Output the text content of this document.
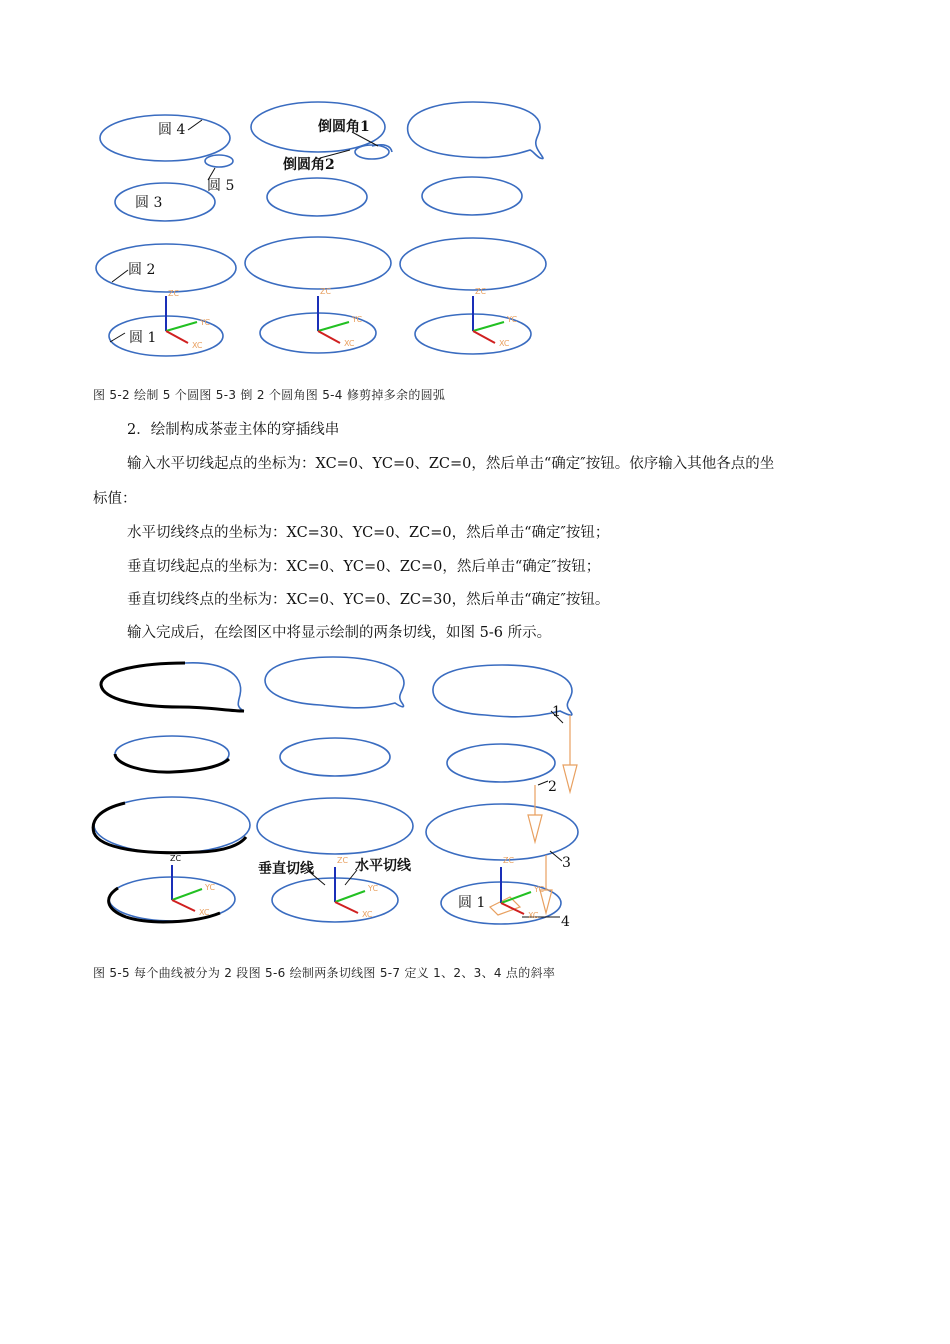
圆 4
圆 5
圆 3
圆 2
圆 1
倒圆角1
倒圆角2
ZC
YC
XC
ZC
YC
XC
ZC
YC
XC
图 5-2 绘制 5 个圆图 5-3 倒 2 个圆角图 5-4 修剪掉多余的圆弧
2．绘制构成茶壶主体的穿插线串
输入水平切线起点的坐标为：XC=0、YC=0、ZC=0，然后单击“确定″按钮。依序输入其他各点的坐
标值：
水平切线终点的坐标为：XC=30、YC=0、ZC=0，然后单击“确定″按钮；
垂直切线起点的坐标为：XC=0、YC=0、ZC=0，然后单击“确定″按钮；
垂直切线终点的坐标为：XC=0、YC=0、ZC=30，然后单击“确定″按钮。
输入完成后，在绘图区中将显示绘制的两条切线，如图 5-6 所示。
ZC
YC
XC
ZC
YC
XC
ZC
YC
XC
垂直切线	水平切线
圆 1
1
2
3
4
图 5-5 每个曲线被分为 2 段图 5-6 绘制两条切线图 5-7 定义 1、2、3、4 点的斜率
